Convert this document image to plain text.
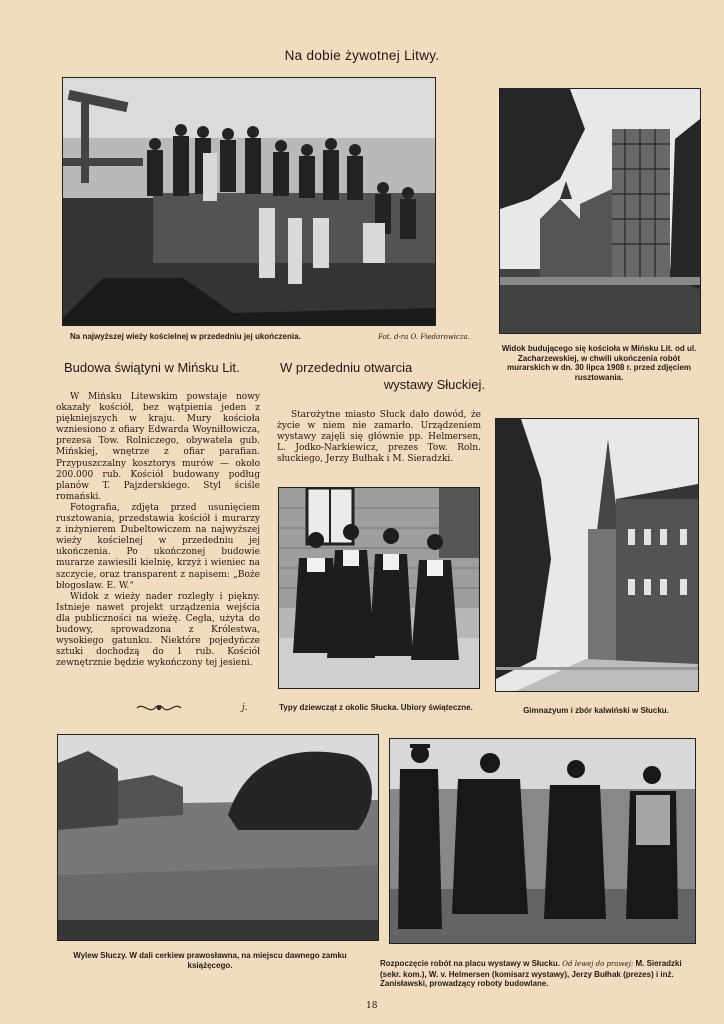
Na dobie żywotnej Litwy.
Na najwyższej wieży kościelnej w przededniu jej ukończenia.	Fot. d-ra O. Fiedorowicza.
Widok budującego się kościoła w Mińsku Lit. od ul. Zacharzewskiej, w chwili ukończenia robót murarskich w dn. 30 lipca 1908 r. przed zdjęciem rusztowania.
Budowa świątyni w Mińsku Lit.

W Mińsku Litewskim powstaje nowy okazały kościół, bez wątpienia jeden z piękniejszych w kraju. Mury kościoła wzniesiono z ofiary Edwarda Woyniłłowicza, prezesa Tow. Rolniczego, obywatela gub. Mińskiej, wnętrze z ofiar parafian. Przypuszczalny kosztorys murów — około 200.000 rub. Kościół budowany podług planów T. Pajzderskiego. Styl ściśle romański.

Fotografia, zdjęta przed usunięciem rusztowania, przedstawia kościół i murarzy z inżynierem Dubeltowiczem na najwyższej wieży kościelnej w przededniu jej ukończenia. Po ukończonej budowie murarze zawiesili kielnię, krzyż i wieniec na szczycie, oraz transparent z napisem: „Boże błogosław. E. W.“

Widok z wieży nader rozległy i piękny. Istnieje nawet projekt urządzenia wejścia dla publiczności na wieżę. Cegła, użyta do budowy, sprowadzona z Królestwa, wysokiego gatunku. Niektóre pojedyńcze sztuki dochodzą do 1 rub. Kościół zewnętrznie będzie wykończony tej jesieni.

j.
W przededniu otwarcia
wystawy Słuckiej.

Starożytne miasto Słuck dało dowód, że życie w niem nie zamarło. Urządzeniem wystawy zajęli się głównie pp. Helmersen, L. Jodko-Narkiewicz, prezes Tow. Roln. słuckiego, Jerzy Bułhak i M. Sieradzki.

Typy dziewcząt z okolic Słucka. Ubiory świąteczne.	Gimnazyum i zbór kalwiński w Słucku.
Wylew Słuczy. W dali cerkiew prawosławna, na miejscu dawnego zamku książęcego.	Rozpoczęcie robót na placu wystawy w Słucku. Od lewej do prawej: M. Sieradzki (sekr. kom.), W. v. Helmersen (komisarz wystawy), Jerzy Bułhak (prezes) i inż. Zanisławski, prowadzący roboty budowlane.
18
